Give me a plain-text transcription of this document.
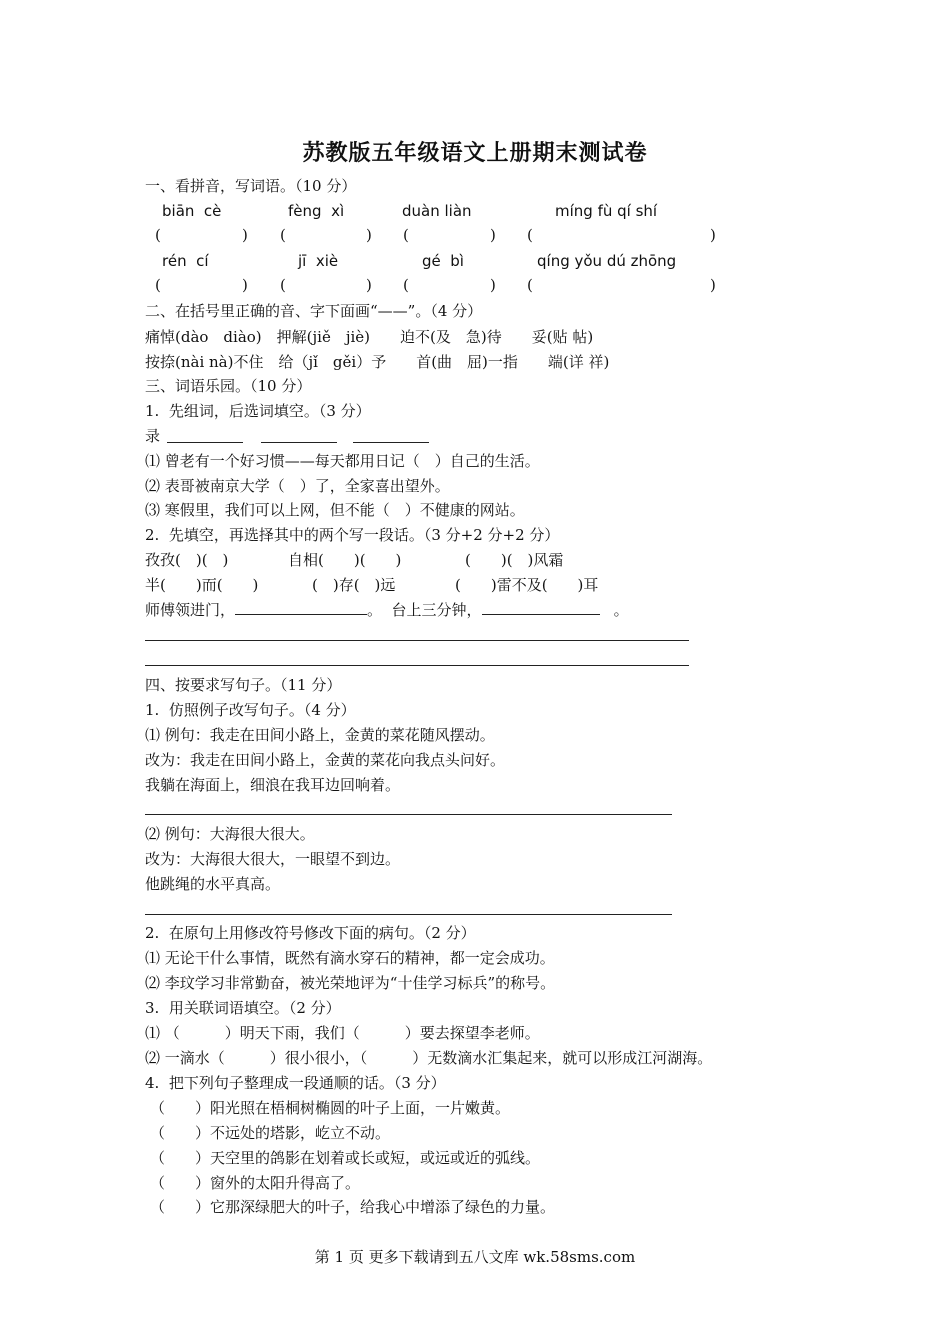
苏教版五年级语文上册期末测试卷
一、看拼音，写词语。（10 分）
biān  cè	fèng  xì	duàn liàn	míng fù qí shí
(	) (	) (	) (	)
rén  cí	jī  xiè	gé  bì	qíng yǒu dú zhōng
(	) (	) (	) (	)
二、在括号里正确的音、字下面画“——”。（4 分）
痛悼(dào　diào)　押解(jiě　jiè)　　迫不(及　急)待　　妥(贴 帖)
按捺(nài nà)不住　给（jǐ　gěi）予　　首(曲　屈)一指　　端(详 祥)
三、词语乐园。（10 分）
1.  先组词，后选词填空。（3 分）
录
⑴ 曾老有一个好习惯——每天都用日记（　）自己的生活。
⑵ 表哥被南京大学（　）了，全家喜出望外。
⑶ 寒假里，我们可以上网，但不能（　）不健康的网站。
2.  先填空，再选择其中的两个写一段话。（3 分+2 分+2 分）
孜孜(　)(　)	自相(　　)(　　)	(　　)(　)风霜
半(　　)而(　　)	(　)存(　)远	(　　)雷不及(　　)耳
师傅领进门，	。  台上三分钟，	。
四、按要求写句子。（11 分）
1.  仿照例子改写句子。（4 分）
⑴ 例句：我走在田间小路上，金黄的菜花随风摆动。
改为：我走在田间小路上，金黄的菜花向我点头问好。
我躺在海面上，细浪在我耳边回响着。
⑵ 例句：大海很大很大。
改为：大海很大很大，一眼望不到边。
他跳绳的水平真高。
2.  在原句上用修改符号修改下面的病句。（2 分）
⑴ 无论干什么事情，既然有滴水穿石的精神，都一定会成功。
⑵ 李玟学习非常勤奋，被光荣地评为“十佳学习标兵”的称号。
3.  用关联词语填空。（2 分）
⑴ （　　　）明天下雨，我们（　　　）要去探望李老师。
⑵ 一滴水（　　　）很小很小，（　　　）无数滴水汇集起来，就可以形成江河湖海。
4.  把下列句子整理成一段通顺的话。（3 分）
（　　）阳光照在梧桐树椭圆的叶子上面，一片嫩黄。
（　　）不远处的塔影，屹立不动。
（　　）天空里的鸽影在划着或长或短，或远或近的弧线。
（　　）窗外的太阳升得高了。
（　　）它那深绿肥大的叶子，给我心中增添了绿色的力量。
第 1 页 更多下载请到五八文库 wk.58sms.com
